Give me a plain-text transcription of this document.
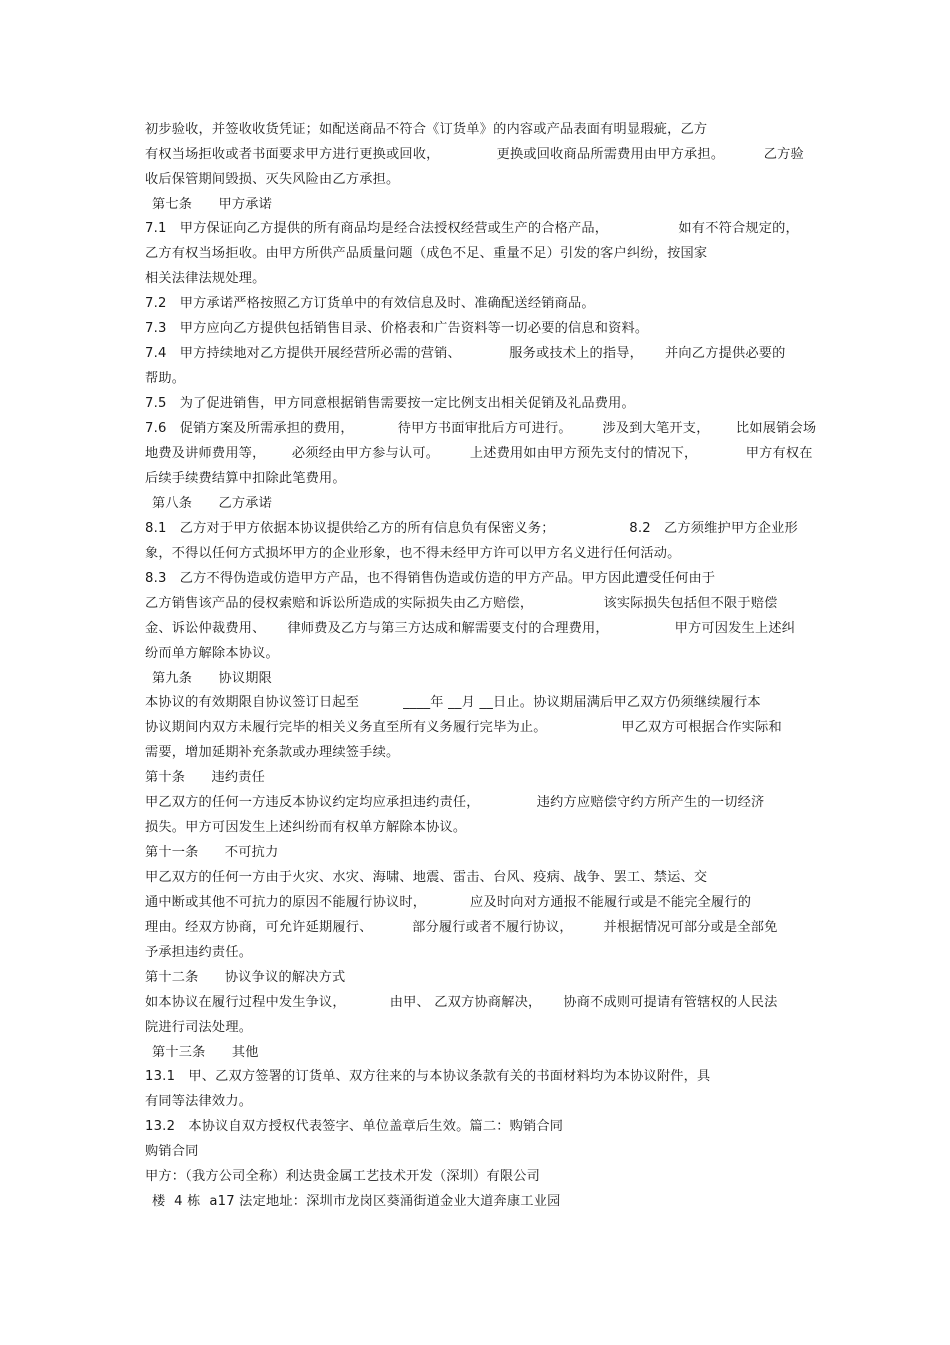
初步验收，并签收收货凭证；如配送商品不符合《订货单》的内容或产品表面有明显瑕疵，乙方
有权当场拒收或者书面要求甲方进行更换或回收，             更换或回收商品所需费用由甲方承担。         乙方验
收后保管期间毁损、灭失风险由乙方承担。
第七条      甲方承诺
7.1   甲方保证向乙方提供的所有商品均是经合法授权经营或生产的合格产品，                如有不符合规定的，
乙方有权当场拒收。由甲方所供产品质量问题（成色不足、重量不足）引发的客户纠纷，按国家
相关法律法规处理。
7.2   甲方承诺严格按照乙方订货单中的有效信息及时、准确配送经销商品。
7.3   甲方应向乙方提供包括销售目录、价格表和广告资料等一切必要的信息和资料。
7.4   甲方持续地对乙方提供开展经营所必需的营销、           服务或技术上的指导，     并向乙方提供必要的
帮助。
7.5   为了促进销售，甲方同意根据销售需要按一定比例支出相关促销及礼品费用。
7.6   促销方案及所需承担的费用，          待甲方书面审批后方可进行。       涉及到大笔开支，      比如展销会场
地费及讲师费用等，      必须经由甲方参与认可。       上述费用如由甲方预先支付的情况下，           甲方有权在
后续手续费结算中扣除此笔费用。
第八条      乙方承诺
8.1   乙方对于甲方依据本协议提供给乙方的所有信息负有保密义务；                 8.2   乙方须维护甲方企业形
象，不得以任何方式损坏甲方的企业形象，也不得未经甲方许可以甲方名义进行任何活动。
8.3   乙方不得伪造或仿造甲方产品，也不得销售伪造或仿造的甲方产品。甲方因此遭受任何由于
乙方销售该产品的侵权索赔和诉讼所造成的实际损失由乙方赔偿，                该实际损失包括但不限于赔偿
金、诉讼仲裁费用、     律师费及乙方与第三方达成和解需要支付的合理费用，               甲方可因发生上述纠
纷而单方解除本协议。
第九条      协议期限
本协议的有效期限自协议签订日起至          ____年 __月 __日止。协议期届满后甲乙双方仍须继续履行本
协议期间内双方未履行完毕的相关义务直至所有义务履行完毕为止。                 甲乙双方可根据合作实际和
需要，增加延期补充条款或办理续签手续。
第十条      违约责任
甲乙双方的任何一方违反本协议约定均应承担违约责任，             违约方应赔偿守约方所产生的一切经济
损失。甲方可因发生上述纠纷而有权单方解除本协议。
第十一条      不可抗力
甲乙双方的任何一方由于火灾、水灾、海啸、地震、雷击、台风、疫病、战争、罢工、禁运、交
通中断或其他不可抗力的原因不能履行协议时，          应及时向对方通报不能履行或是不能完全履行的
理由。经双方协商，可允许延期履行、         部分履行或者不履行协议，       并根据情况可部分或是全部免
予承担违约责任。
第十二条      协议争议的解决方式
如本协议在履行过程中发生争议，          由甲、 乙双方协商解决，     协商不成则可提请有管辖权的人民法
院进行司法处理。
第十三条      其他
13.1   甲、乙双方签署的订货单、双方往来的与本协议条款有关的书面材料均为本协议附件，具
有同等法律效力。
13.2   本协议自双方授权代表签字、单位盖章后生效。篇二：购销合同
购销合同
甲方：（我方公司全称）利达贵金属工艺技术开发（深圳）有限公司
楼  4 栋  a17 法定地址：深圳市龙岗区葵涌街道金业大道奔康工业园
